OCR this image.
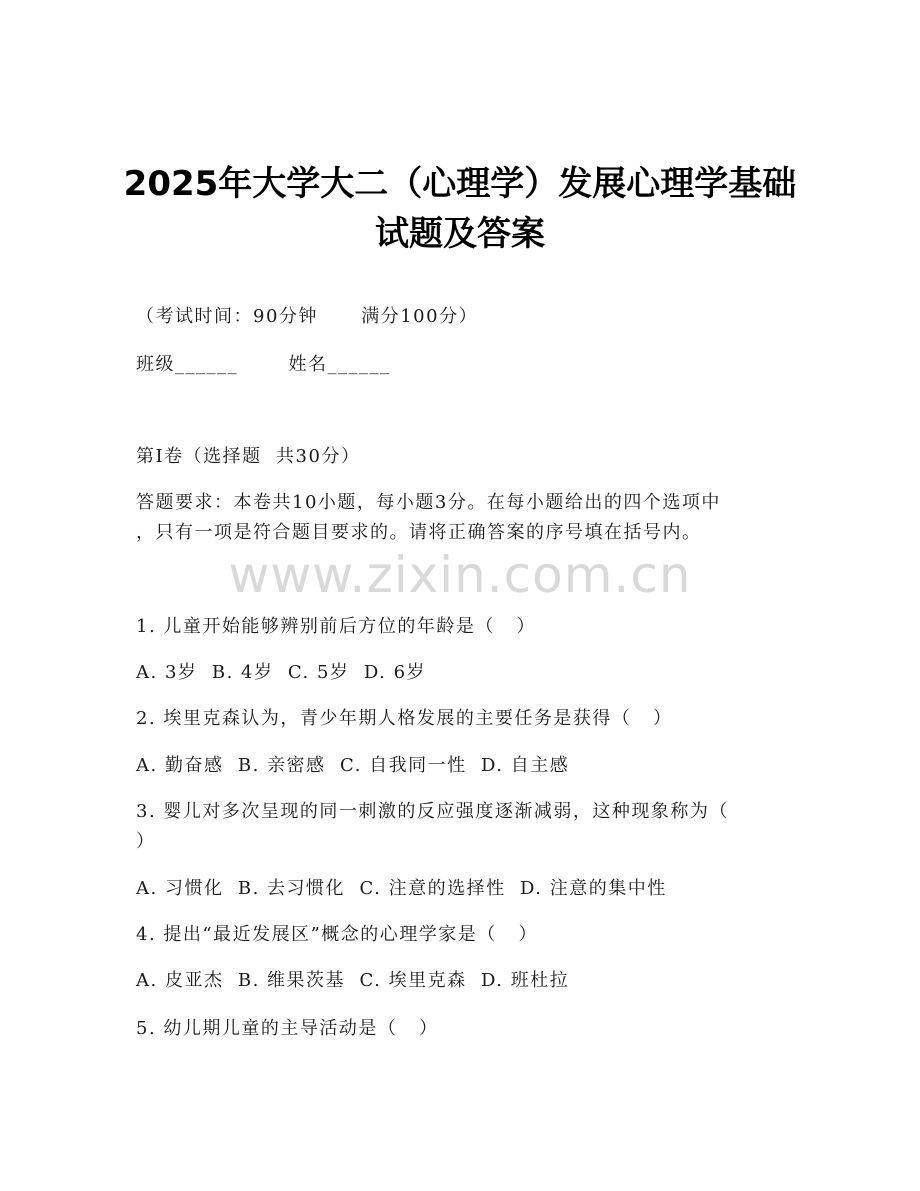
2025年大学大二（心理学）发展心理学基础
试题及答案
（考试时间：90分钟      满分100分）
班级______       姓名______
第I卷（选择题  共30分）
答题要求：本卷共10小题，每小题3分。在每小题给出的四个选项中
，只有一项是符合题目要求的。请将正确答案的序号填在括号内。
www.zixin.com.cn
1. 儿童开始能够辨别前后方位的年龄是（   ）
A. 3岁  B. 4岁  C. 5岁  D. 6岁
2. 埃里克森认为，青少年期人格发展的主要任务是获得（   ）
A. 勤奋感  B. 亲密感  C. 自我同一性  D. 自主感
3. 婴儿对多次呈现的同一刺激的反应强度逐渐减弱，这种现象称为（
）
A. 习惯化  B. 去习惯化  C. 注意的选择性  D. 注意的集中性
4. 提出“最近发展区”概念的心理学家是（   ）
A. 皮亚杰  B. 维果茨基  C. 埃里克森  D. 班杜拉
5. 幼儿期儿童的主导活动是（   ）
